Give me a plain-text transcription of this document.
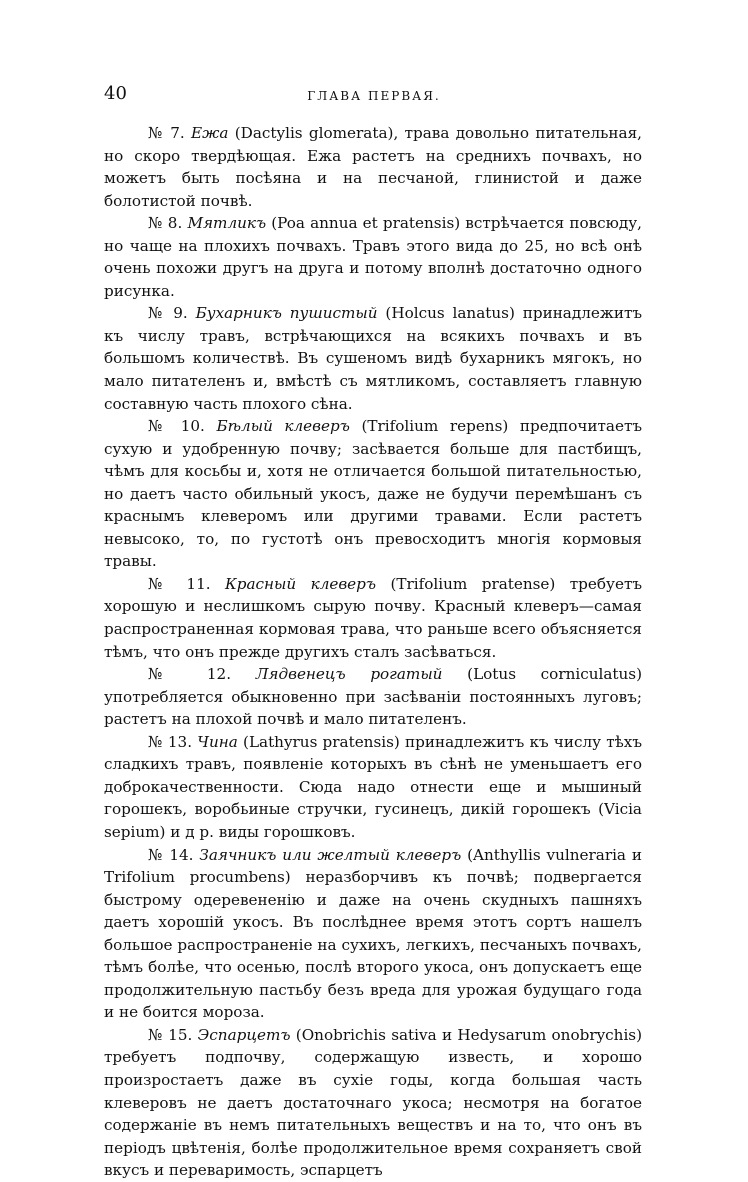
40	ГЛАВА ПЕРВАЯ.

№ 7. Ежа (Dactylis glomerata), трава довольно питательная, но скоро твердѣющая. Ежа растетъ на среднихъ почвахъ, но можетъ быть посѣяна и на песчаной, глинистой и даже болотистой почвѣ.

№ 8. Мятликъ (Poa annua et pratensis) встрѣчается повсюду, но чаще на плохихъ почвахъ. Травъ этого вида до 25, но всѣ онѣ очень похожи другъ на друга и потому вполнѣ достаточно одного рисунка.

№ 9. Бухарникъ пушистый (Holcus lanatus) принадлежитъ къ числу травъ, встрѣчающихся на всякихъ почвахъ и въ большомъ количествѣ. Въ сушеномъ видѣ бухарникъ мягокъ, но мало питателенъ и, вмѣстѣ съ мятликомъ, составляетъ главную составную часть плохого сѣна.

№ 10. Бѣлый клеверъ (Trifolium repens) предпочитаетъ сухую и удобренную почву; засѣвается больше для пастбищъ, чѣмъ для косьбы и, хотя не отличается большой питательностью, но даетъ часто обильный укосъ, даже не будучи перемѣшанъ съ краснымъ клеверомъ или другими травами. Если растетъ невысоко, то, по густотѣ онъ превосходитъ многія кормовыя травы.

№ 11. Красный клеверъ (Trifolium pratense) требуетъ хорошую и неслишкомъ сырую почву. Красный клеверъ—самая распространенная кормовая трава, что раньше всего объясняется тѣмъ, что онъ прежде другихъ сталъ засѣваться.

№ 12. Лядвенецъ рогатый (Lotus corniculatus) употребляется обыкновенно при засѣваніи постоянныхъ луговъ; растетъ на плохой почвѣ и мало питателенъ.

№ 13. Чина (Lathyrus pratensis) принадлежитъ къ числу тѣхъ сладкихъ травъ, появленіе которыхъ въ сѣнѣ не уменьшаетъ его доброкачественности. Сюда надо отнести еще и мышиный горошекъ, воробьиные стручки, гусинецъ, дикій горошекъ (Vicia sepium) и д р. виды горошковъ.

№ 14. Заячникъ или желтый клеверъ (Anthyllis vulneraria и Trifolium procumbens) неразборчивъ къ почвѣ; подвергается быстрому одеревененію и даже на очень скудныхъ пашняхъ даетъ хорошій укосъ. Въ послѣднее время этотъ сортъ нашелъ большое распространеніе на сухихъ, легкихъ, песчаныхъ почвахъ, тѣмъ болѣе, что осенью, послѣ второго укоса, онъ допускаетъ еще продолжительную пастьбу безъ вреда для урожая будущаго года и не боится мороза.

№ 15. Эспарцетъ (Onobrichis sativa и Hedysarum onobrychis) требуетъ подпочву, содержащую известь, и хорошо произростаетъ даже въ сухіе годы, когда большая часть клеверовъ не даетъ достаточнаго укоса; несмотря на богатое содержаніе въ немъ питательныхъ веществъ и на то, что онъ въ періодъ цвѣтенія, болѣе продолжительное время сохраняетъ свой вкусъ и переваримость, эспарцетъ
